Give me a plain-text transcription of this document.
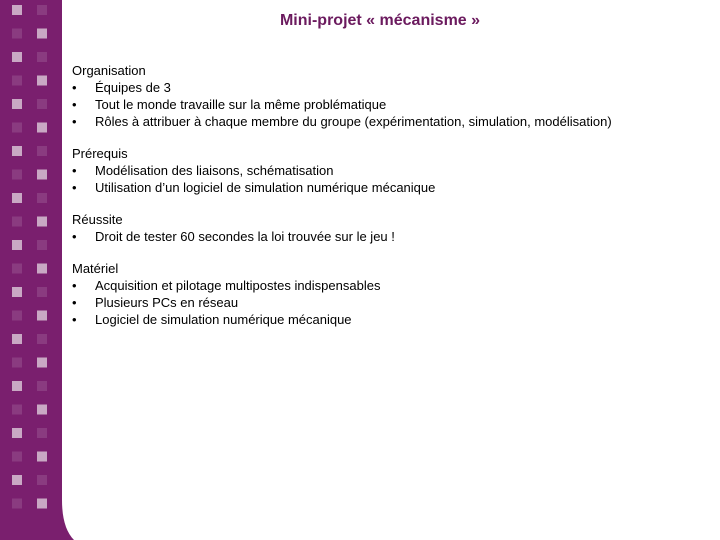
Mini-projet « mécanisme »
Organisation
•	Équipes de 3
•	Tout le monde travaille sur la même problématique
•	Rôles à attribuer à chaque membre du groupe (expérimentation, simulation, modélisation)
Prérequis
•	Modélisation des liaisons, schématisation
•	Utilisation d’un logiciel de simulation numérique mécanique
Réussite
•	Droit de tester 60 secondes la loi trouvée sur le jeu !
Matériel
•	Acquisition et pilotage multipostes indispensables
•	Plusieurs PCs en réseau
•	Logiciel de simulation numérique mécanique
